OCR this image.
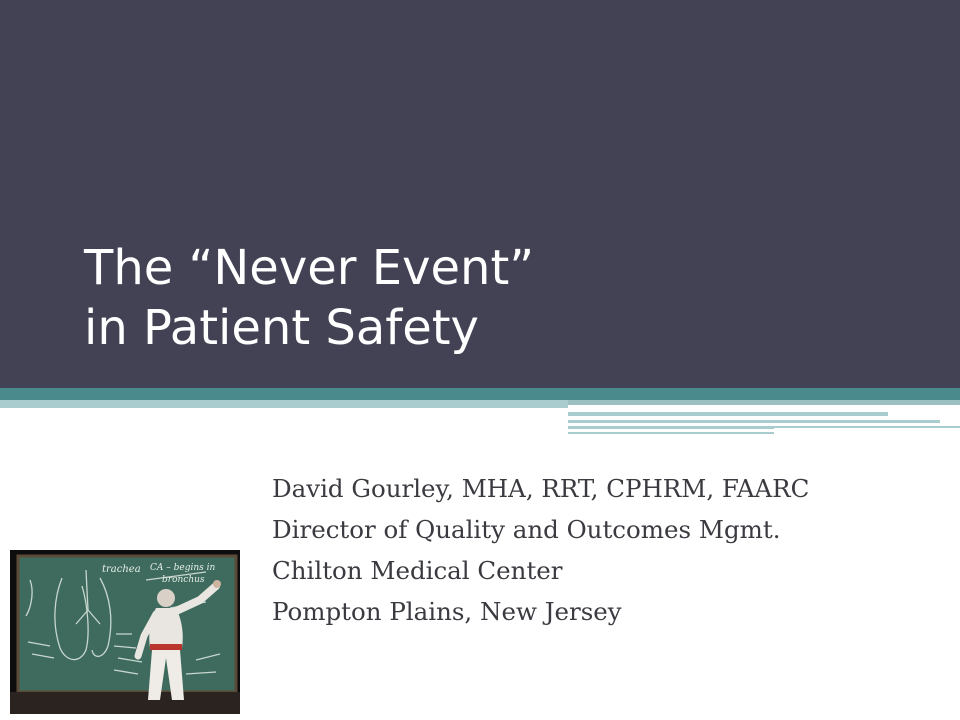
The “Never Event”
in Patient Safety
David Gourley, MHA, RRT, CPHRM, FAARC
Director of Quality and Outcomes Mgmt.
Chilton Medical Center
Pompton Plains, New Jersey
trachea CA – begins in
bronchus
